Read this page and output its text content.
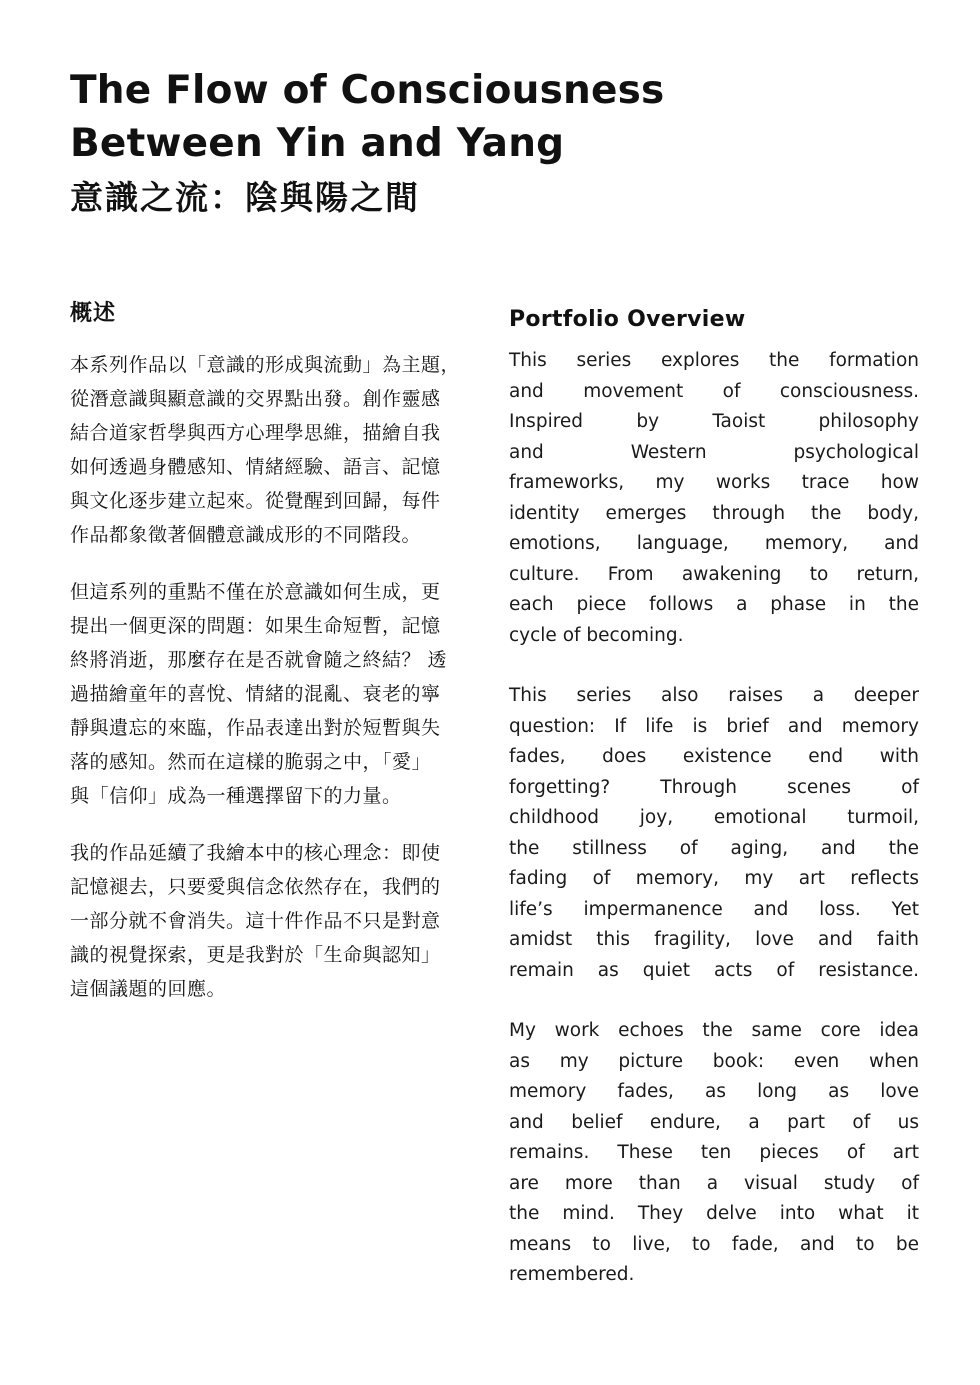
The Flow of Consciousness
Between Yin and Yang
意識之流：陰與陽之間
概述

本系列作品以「意識的形成與流動」為主題，
從潛意識與顯意識的交界點出發。創作靈感
結合道家哲學與西方心理學思維，描繪自我
如何透過身體感知、情緒經驗、語言、記憶
與文化逐步建立起來。從覺醒到回歸，每件
作品都象徵著個體意識成形的不同階段。

但這系列的重點不僅在於意識如何生成，更
提出一個更深的問題：如果生命短暫，記憶
終將消逝，那麼存在是否就會隨之終結？ 透
過描繪童年的喜悅、情緒的混亂、衰老的寧
靜與遺忘的來臨，作品表達出對於短暫與失
落的感知。然而在這樣的脆弱之中，「愛」
與「信仰」成為一種選擇留下的力量。

我的作品延續了我繪本中的核心理念：即使
記憶褪去，只要愛與信念依然存在，我們的
一部分就不會消失。這十件作品不只是對意
識的視覺探索，更是我對於「生命與認知」
這個議題的回應。

Portfolio Overview

This series explores the formation
and movement of consciousness.
Inspired by Taoist philosophy
and Western psychological
frameworks, my works trace how
identity emerges through the body,
emotions, language, memory, and
culture. From awakening to return,
each piece follows a phase in the
cycle of becoming.

This series also raises a deeper
question: If life is brief and memory
fades, does existence end with
forgetting? Through scenes of
childhood joy, emotional turmoil,
the stillness of aging, and the
fading of memory, my art reflects
life’s impermanence and loss. Yet
amidst this fragility, love and faith
remain as quiet acts of resistance.

My work echoes the same core idea
as my picture book: even when
memory fades, as long as love
and belief endure, a part of us
remains. These ten pieces of art
are more than a visual study of
the mind. They delve into what it
means to live, to fade, and to be
remembered.
